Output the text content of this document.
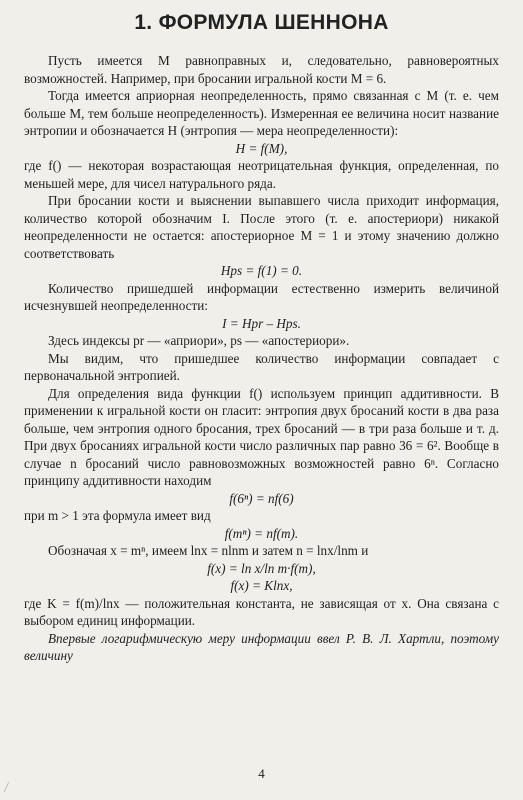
1. ФОРМУЛА ШЕННОНА

Пусть имеется M равноправных и, следовательно, равновероятных возможностей. Например, при бросании игральной кости M = 6.

Тогда имеется априорная неопределенность, прямо связанная с M (т. е. чем больше M, тем больше неопределенность). Измеренная ее величина носит название энтропии и обозначается H (энтропия — мера неопределенности):

H = f(M),

где f() — некоторая возрастающая неотрицательная функция, определенная, по меньшей мере, для чисел натурального ряда.

При бросании кости и выяснении выпавшего числа приходит информация, количество которой обозначим I. После этого (т. е. апостериори) никакой неопределенности не остается: апостериорное M = 1 и этому значению должно соответствовать

Hps = f(1) = 0.

Количество пришедшей информации естественно измерить величиной исчезнувшей неопределенности:

I = Hpr – Hps.

Здесь индексы pr — «априори», ps — «апостериори».

Мы видим, что пришедшее количество информации совпадает с первоначальной энтропией.

Для определения вида функции f() используем принцип аддитивности. В применении к игральной кости он гласит: энтропия двух бросаний кости в два раза больше, чем энтропия одного бросания, трех бросаний — в три раза больше и т. д. При двух бросаниях игральной кости число различных пар равно 36 = 6². Вообще в случае n бросаний число равновозможных возможностей равно 6ⁿ. Согласно принципу аддитивности находим

f(6ⁿ) = nf(6)

при m > 1 эта формула имеет вид

f(mⁿ) = nf(m).

Обозначая x = mⁿ, имеем lnx = nlnm и затем n = lnx/lnm и

f(x) = ln x/ln m·f(m),

f(x) = Klnx,

где K = f(m)/lnx — положительная константа, не зависящая от x. Она связана с выбором единиц информации.

Впервые логарифмическую меру информации ввел Р. В. Л. Хартли, поэтому величину

4
